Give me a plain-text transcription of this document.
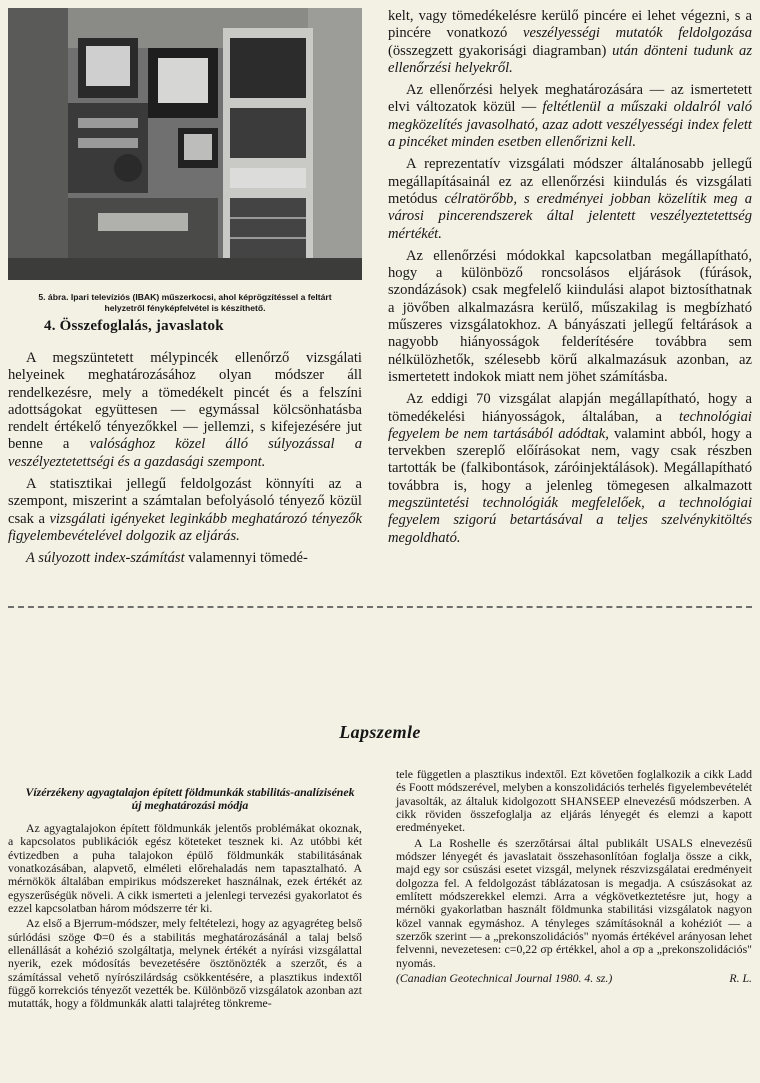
5. ábra. Ipari televíziós (IBAK) műszerkocsi, ahol képrögzítéssel a feltárt helyzetről fényképfelvétel is készíthető.
4. Összefoglalás, javaslatok

A megszüntetett mélypincék ellenőrző vizsgálati helyeinek meghatározásához olyan módszer áll rendelkezésre, mely a tömedékelt pincét és a felszíni adottságokat együttesen — egymással kölcsönhatásba rendelt értékelő tényezőkkel — jellemzi, s kifejezésére jut benne a valósághoz közel álló súlyozással a veszélyeztetettségi és a gazdasági szempont.

A statisztikai jellegű feldolgozást könnyíti az a szempont, miszerint a számtalan befolyásoló tényező közül csak a vizsgálati igényeket leginkább meghatározó tényezők figyelembevételével dolgozik az eljárás.

A súlyozott index-számítást valamennyi tömedé-

kelt, vagy tömedékelésre kerülő pincére ei lehet végezni, s a pincére vonatkozó veszélyességi mutatók feldolgozása (összegzett gyakorisági diagramban) után dönteni tudunk az ellenőrzési helyekről.

Az ellenőrzési helyek meghatározására — az ismertetett elvi változatok közül — feltétlenül a műszaki oldalról való megközelítés javasolható, azaz adott veszélyességi index felett a pincéket minden esetben ellenőrizni kell.

A reprezentatív vizsgálati módszer általánosabb jellegű megállapításainál ez az ellenőrzési kiindulás és vizsgálati metódus célratörőbb, s eredményei jobban közelítik meg a városi pincerendszerek által jelentett veszélyeztetettség mértékét.

Az ellenőrzési módokkal kapcsolatban megállapítható, hogy a különböző roncsolásos eljárások (fúrások, szondázások) csak megfelelő kiindulási alapot biztosíthatnak a jövőben alkalmazásra kerülő, műszakilag is megbízható műszeres vizsgálatokhoz. A bányászati jellegű feltárások a nagyobb hiányosságok felderítésére továbbra sem nélkülözhetők, szélesebb körű alkalmazásuk azonban, az ismertetett indokok miatt nem jöhet számításba.

Az eddigi 70 vizsgálat alapján megállapítható, hogy a tömedékelési hiányosságok, általában, a technológiai fegyelem be nem tartásából adódtak, valamint abból, hogy a tervekben szereplő előírásokat nem, vagy csak részben tartották be (falkibontások, záróinjektálások). Megállapítható továbbra is, hogy a jelenleg tömegesen alkalmazott megszüntetési technológiák megfelelőek, a technológiai fegyelem szigorú betartásával a teljes szelvénykitöltés megoldható.

Lapszemle
Vízérzékeny agyagtalajon épített földmunkák stabilitás-analízisének új meghatározási módja

Az agyagtalajokon épített földmunkák jelentős problémákat okoznak, a kapcsolatos publikációk egész köteteket tesznek ki. Az utóbbi két évtizedben a puha talajokon épülő földmunkák stabilitásának vonatkozásában, alapvető, elméleti előrehaladás nem tapasztalható. A mérnökök általában empirikus módszereket használnak, ezek értékét az egyszerűségük növeli. A cikk ismerteti a jelenlegi tervezési gyakorlatot és ezzel kapcsolatban három módszerre tér ki.

Az első a Bjerrum-módszer, mely feltételezi, hogy az agyagréteg belső súrlódási szöge Φ=0 és a stabilitás meghatározásánál a talaj belső ellenállását a kohézió szolgáltatja, melynek értékét a nyírási vizsgálattal nyerik, ezek módosítás bevezetésére ösztönözték a szerzőt, és a számítással vehető nyírószilárdság csökkentésére, a plasztikus indextől függő korrekciós tényezőt vezették be. Különböző vizsgálatok azonban azt mutatták, hogy a földmunkák alatti talajréteg tönkreme-

tele független a plasztikus indextől. Ezt követően foglalkozik a cikk Ladd és Foott módszerével, melyben a konszolidációs terhelés figyelembevételét javasolták, az általuk kidolgozott SHANSEEP elnevezésű módszerben. A cikk röviden összefoglalja az eljárás lényegét és elemzi a kapott eredményeket.

A La Roshelle és szerzőtársai által publikált USALS elnevezésű módszer lényegét és javaslatait összehasonlítóan foglalja össze a cikk, majd egy sor csúszási esetet vizsgál, melynek részvizsgálatai eredményeit dolgozza fel. A feldolgozást táblázatosan is megadja. A csúszásokat az említett módszerekkel elemzi. Arra a végkövetkeztetésre jut, hogy a mérnöki gyakorlatban használt földmunka stabilitási vizsgálatok nagyon közel vannak egymáshoz. A tényleges számításoknál a kohéziót — a szerzők szerint — a „prekonszolidációs" nyomás értékével arányosan lehet felvenni, nevezetesen: c=0,22 σp értékkel, ahol a σp a „prekonszolidációs" nyomás.

(Canadian Geotechnical Journal 1980. 4. sz.)	R. L.
